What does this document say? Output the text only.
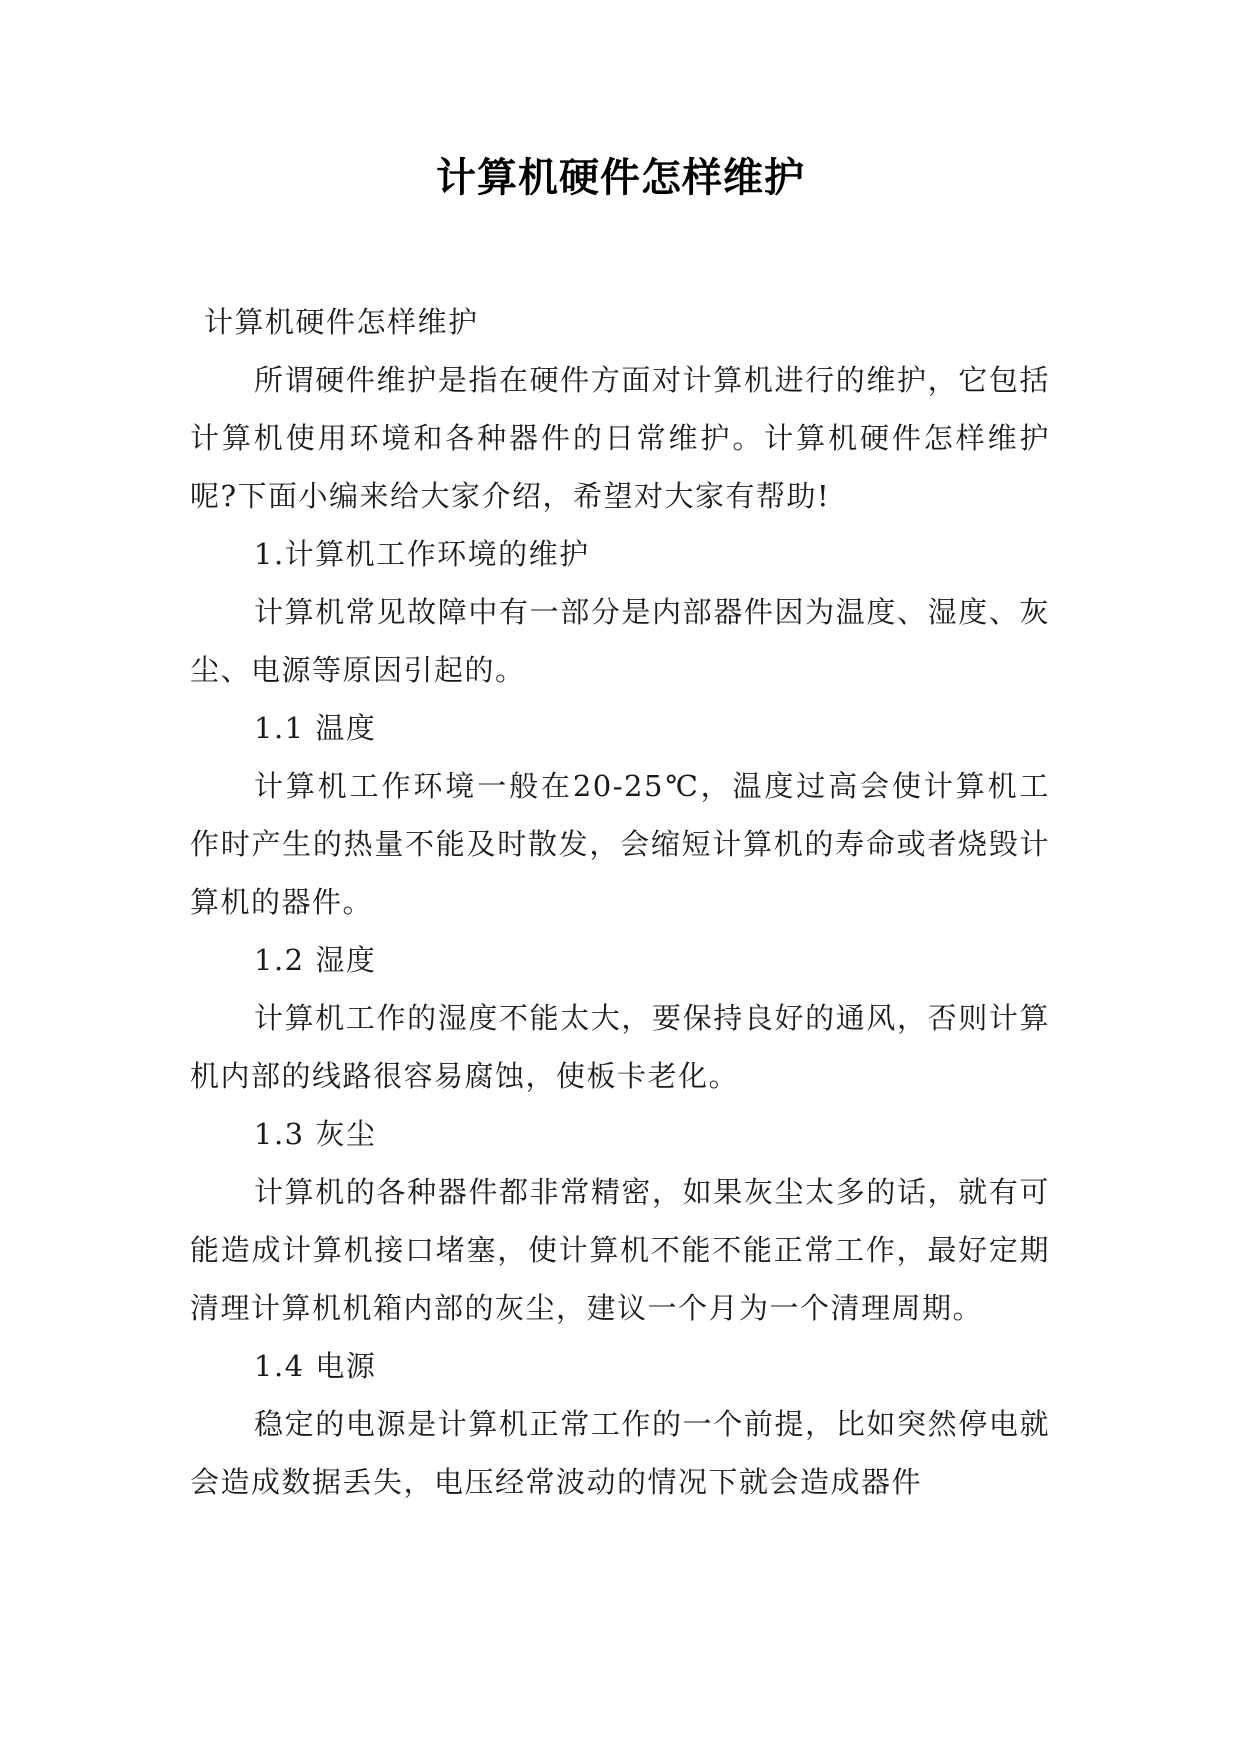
计算机硬件怎样维护

计算机硬件怎样维护

所谓硬件维护是指在硬件方面对计算机进行的维护，它包括计算机使用环境和各种器件的日常维护。计算机硬件怎样维护呢?下面小编来给大家介绍，希望对大家有帮助!

1.计算机工作环境的维护

计算机常见故障中有一部分是内部器件因为温度、湿度、灰尘、电源等原因引起的。

1.1 温度

计算机工作环境一般在20-25℃，温度过高会使计算机工作时产生的热量不能及时散发，会缩短计算机的寿命或者烧毁计算机的器件。

1.2 湿度

计算机工作的湿度不能太大，要保持良好的通风，否则计算机内部的线路很容易腐蚀，使板卡老化。

1.3 灰尘

计算机的各种器件都非常精密，如果灰尘太多的话，就有可能造成计算机接口堵塞，使计算机不能不能正常工作，最好定期清理计算机机箱内部的灰尘，建议一个月为一个清理周期。

1.4 电源

稳定的电源是计算机正常工作的一个前提，比如突然停电就会造成数据丢失，电压经常波动的情况下就会造成器件
